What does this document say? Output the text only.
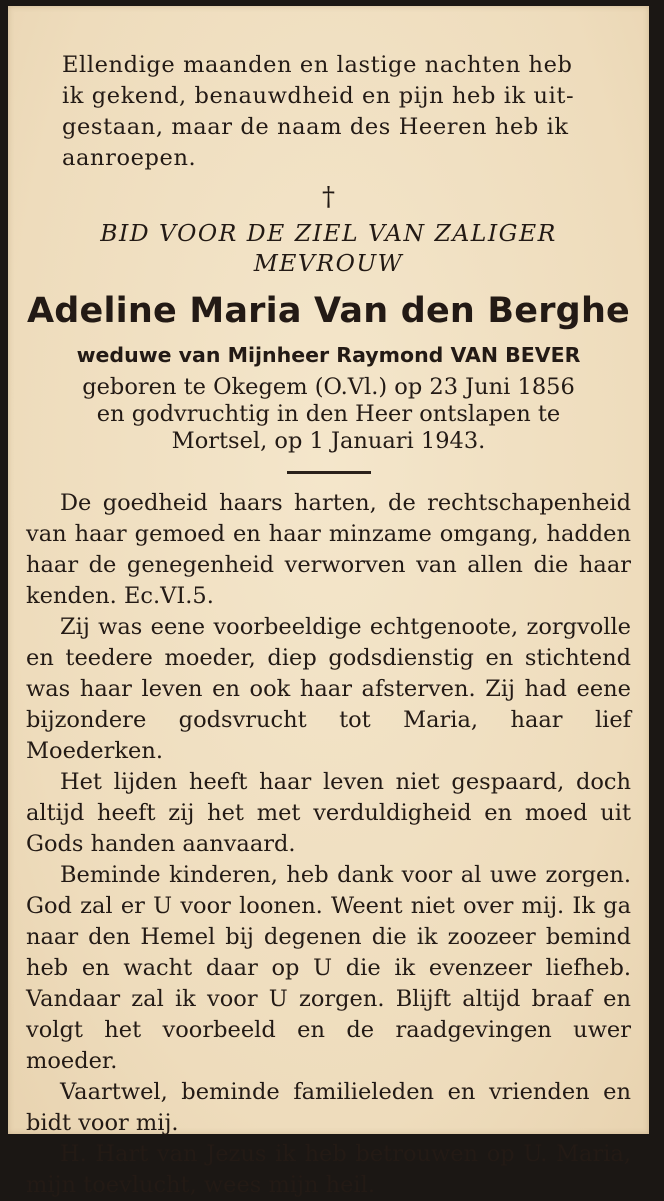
Ellendige maanden en lastige nachten heb
ik gekend, benauwdheid en pijn heb ik uit-
gestaan, maar de naam des Heeren heb ik
aanroepen.
†
BID VOOR DE ZIEL VAN ZALIGER
MEVROUW
Adeline Maria Van den Berghe
weduwe van Mijnheer Raymond VAN BEVER
geboren te Okegem (O.Vl.) op 23 Juni 1856
en godvruchtig in den Heer ontslapen te
Mortsel, op 1 Januari 1943.

De goedheid haars harten, de rechtschapenheid van haar gemoed en haar minzame omgang, hadden haar de genegenheid verworven van allen die haar kenden. Ec.VI.5.

Zij was eene voorbeeldige echtgenoote, zorgvolle en teedere moeder, diep godsdienstig en stichtend was haar leven en ook haar afsterven. Zij had eene bijzondere godsvrucht tot Maria, haar lief Moederken.

Het lijden heeft haar leven niet gespaard, doch altijd heeft zij het met verduldigheid en moed uit Gods handen aanvaard.

Beminde kinderen, heb dank voor al uwe zorgen. God zal er U voor loonen. Weent niet over mij. Ik ga naar den Hemel bij degenen die ik zoozeer bemind heb en wacht daar op U die ik evenzeer liefheb. Vandaar zal ik voor U zorgen. Blijft altijd braaf en volgt het voorbeeld en de raadgevingen uwer moeder.

Vaartwel, beminde familieleden en vrienden en bidt voor mij.

H. Hart van Jezus ik heb betrouwen op U. Maria, mijn toevlucht, wees mijn heil.
